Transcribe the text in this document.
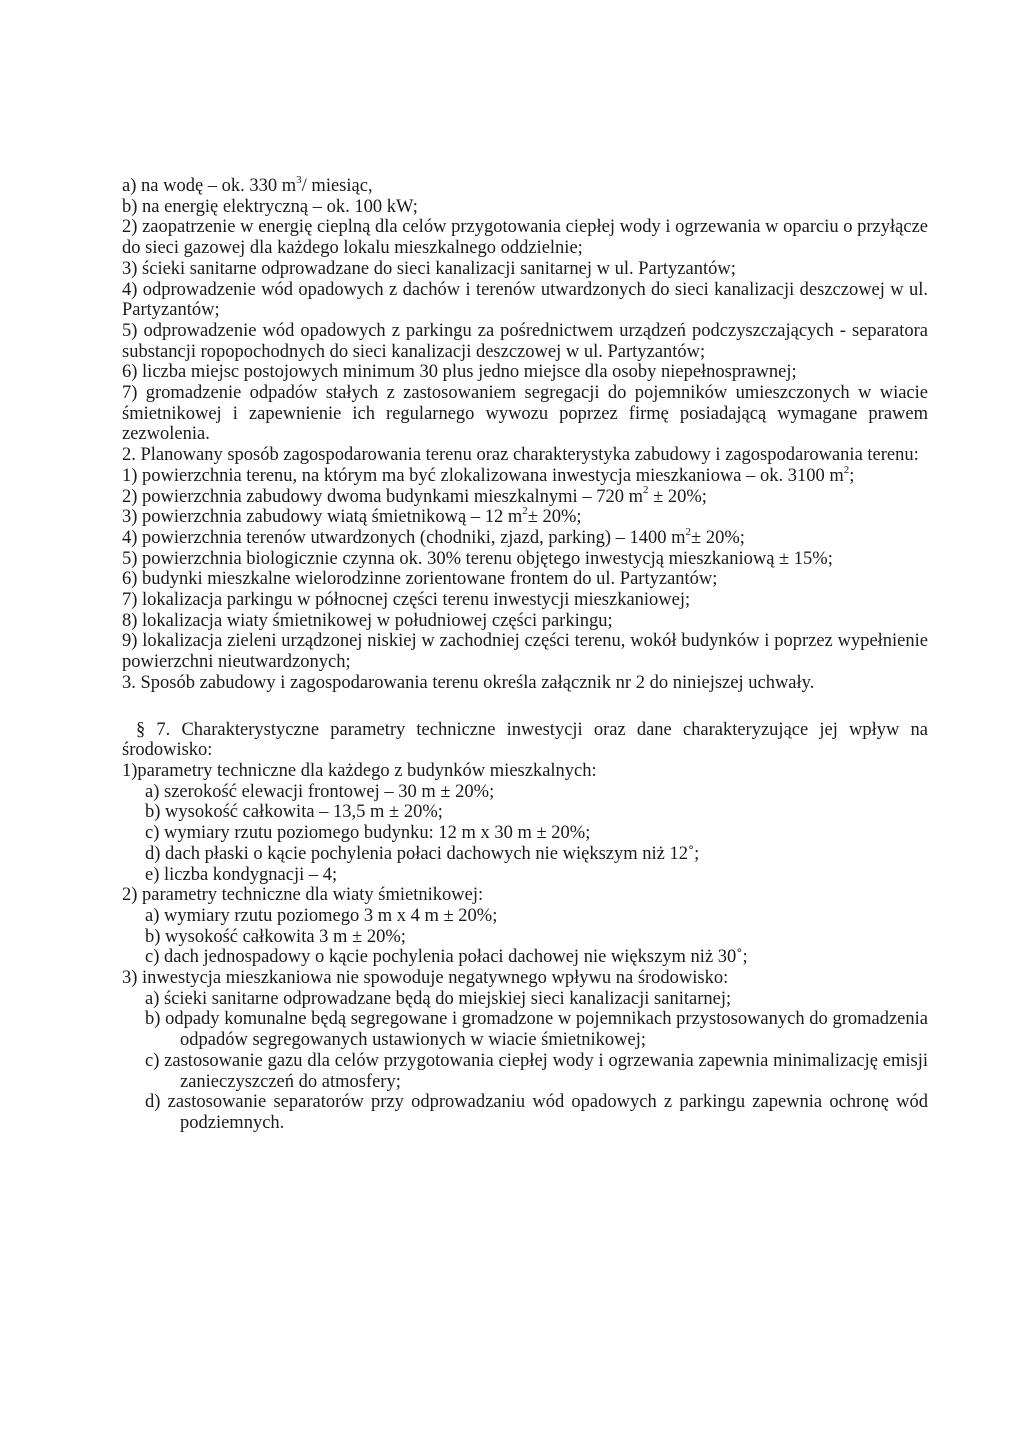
a) na wodę – ok. 330 $m^3/$ miesiąc,

b) na energię elektryczną – ok. 100 kW;

2) zaopatrzenie w energię cieplną dla celów przygotowania ciepłej wody i ogrzewania w oparciu o przyłącze do sieci gazowej dla każdego lokalu mieszkalnego oddzielnie;

3) ścieki sanitarne odprowadzane do sieci kanalizacji sanitarnej w ul. Partyzantów;

4) odprowadzenie wód opadowych z dachów i terenów utwardzonych do sieci kanalizacji deszczowej w ul. Partyzantów;

5) odprowadzenie wód opadowych z parkingu za pośrednictwem urządzeń podczyszczających - separatora substancji ropopochodnych do sieci kanalizacji deszczowej w ul. Partyzantów;

6) liczba miejsc postojowych minimum 30 plus jedno miejsce dla osoby niepełnosprawnej;

7) gromadzenie odpadów stałych z zastosowaniem segregacji do pojemników umieszczonych w wiacie śmietnikowej i zapewnienie ich regularnego wywozu poprzez firmę posiadającą wymagane prawem zezwolenia.

2. Planowany sposób zagospodarowania terenu oraz charakterystyka zabudowy i zagospodarowania terenu:

1) powierzchnia terenu, na którym ma być zlokalizowana inwestycja mieszkaniowa – ok. 3100 $m^2$;

2) powierzchnia zabudowy dwoma budynkami mieszkalnymi – 720 $m^2 \pm 20\%$;

3) powierzchnia zabudowy wiatą śmietnikową – 12 $m^2\pm 20\%$;

4) powierzchnia terenów utwardzonych (chodniki, zjazd, parking) – 1400 $m^2\pm 20\%$;

5) powierzchnia biologicznie czynna ok. 30% terenu objętego inwestycją mieszkaniową ± 15%;

6) budynki mieszkalne wielorodzinne zorientowane frontem do ul. Partyzantów;

7) lokalizacja parkingu w północnej części terenu inwestycji mieszkaniowej;

8) lokalizacja wiaty śmietnikowej w południowej części parkingu;

9) lokalizacja zieleni urządzonej niskiej w zachodniej części terenu, wokół budynków i poprzez wypełnienie powierzchni nieutwardzonych;

3. Sposób zabudowy i zagospodarowania terenu określa załącznik nr 2 do niniejszej uchwały.

§ 7. Charakterystyczne parametry techniczne inwestycji oraz dane charakteryzujące jej wpływ na środowisko:

1)parametry techniczne dla każdego z budynków mieszkalnych:

a) szerokość elewacji frontowej – 30 m ± 20%;

b) wysokość całkowita – 13,5 m ± 20%;

c) wymiary rzutu poziomego budynku: 12 m x 30 m ± 20%;

d) dach płaski o kącie pochylenia połaci dachowych nie większym niż 12˚;

e) liczba kondygnacji – 4;

2) parametry techniczne dla wiaty śmietnikowej:

a) wymiary rzutu poziomego 3 m x 4 m ± 20%;

b) wysokość całkowita 3 m ± 20%;

c) dach jednospadowy o kącie pochylenia połaci dachowej nie większym niż 30˚;

3) inwestycja mieszkaniowa nie spowoduje negatywnego wpływu na środowisko:

a) ścieki sanitarne odprowadzane będą do miejskiej sieci kanalizacji sanitarnej;

b) odpady komunalne będą segregowane i gromadzone w pojemnikach przystosowanych do gromadzenia odpadów segregowanych ustawionych w wiacie śmietnikowej;

c) zastosowanie gazu dla celów przygotowania ciepłej wody i ogrzewania zapewnia minimalizację emisji zanieczyszczeń do atmosfery;

d) zastosowanie separatorów przy odprowadzaniu wód opadowych z parkingu zapewnia ochronę wód podziemnych.
